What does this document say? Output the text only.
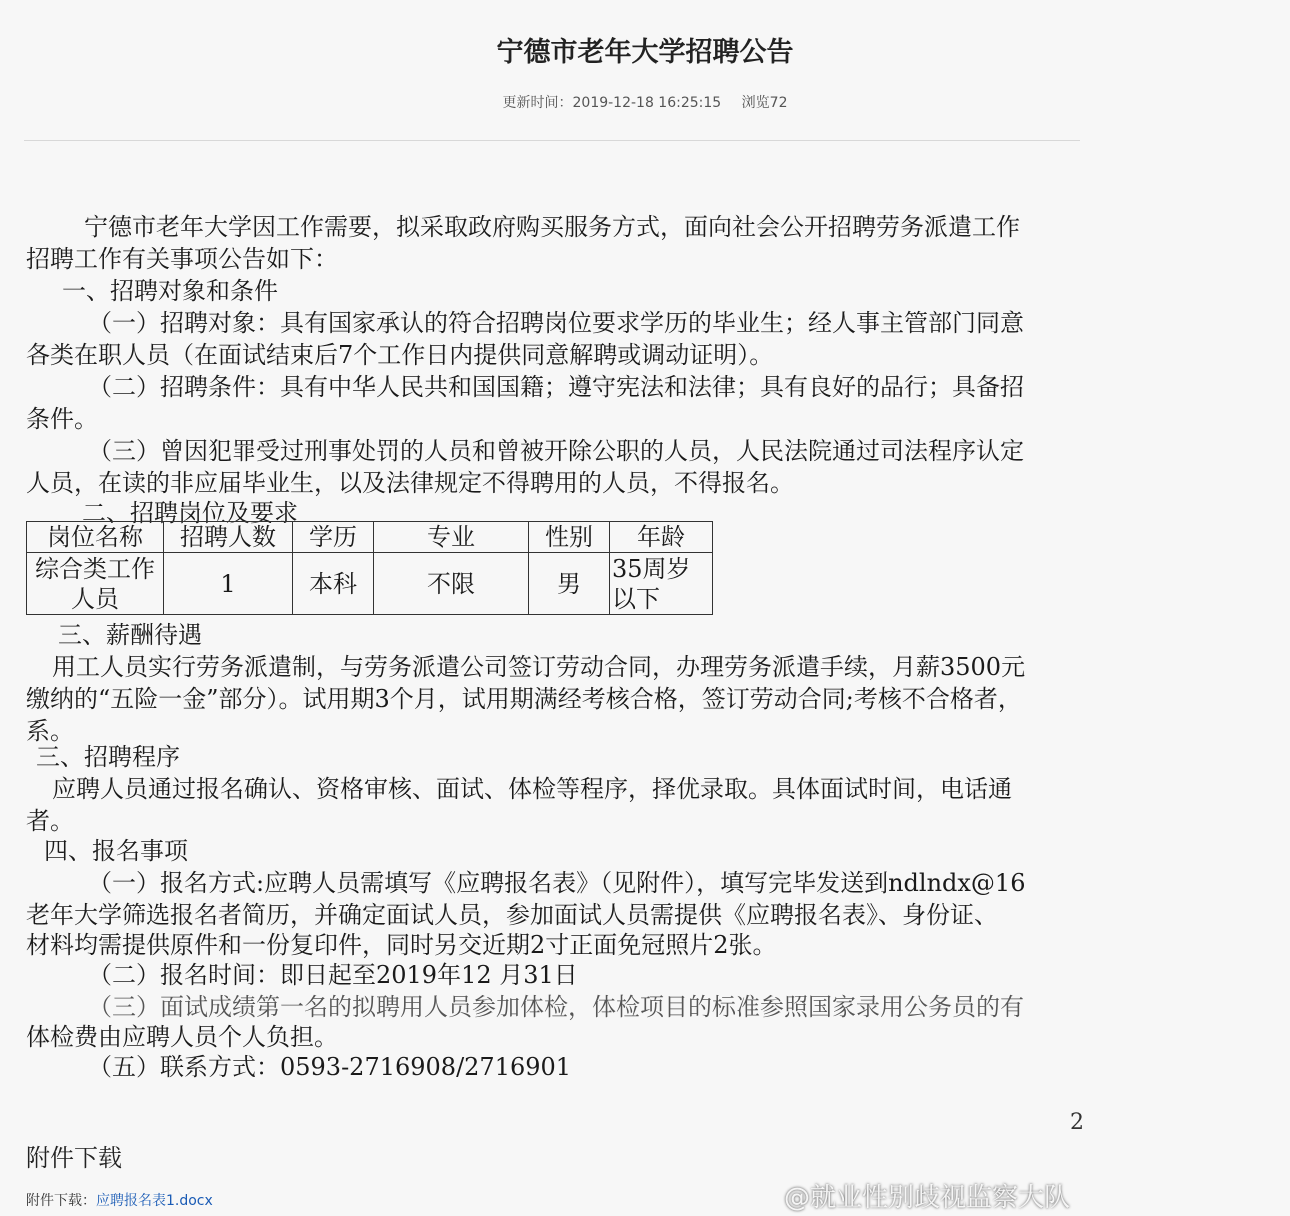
宁德市老年大学招聘公告
更新时间：2019-12-18 16:25:15 浏览72
宁德市老年大学因工作需要，拟采取政府购买服务方式，面向社会公开招聘劳务派遣工作
招聘工作有关事项公告如下：
一、招聘对象和条件
（一）招聘对象：具有国家承认的符合招聘岗位要求学历的毕业生；经人事主管部门同意
各类在职人员（在面试结束后7个工作日内提供同意解聘或调动证明）。
（二）招聘条件：具有中华人民共和国国籍；遵守宪法和法律；具有良好的品行；具备招
条件。
（三）曾因犯罪受过刑事处罚的人员和曾被开除公职的人员，人民法院通过司法程序认定
人员，在读的非应届毕业生，以及法律规定不得聘用的人员，不得报名。
二、招聘岗位及要求
岗位名称	招聘人数	学历	专业	性别	年龄
综合类工作人员	1	本科	不限	男	35周岁以下
三、薪酬待遇
用工人员实行劳务派遣制，与劳务派遣公司签订劳动合同，办理劳务派遣手续，月薪3500元
缴纳的“五险一金”部分）。试用期3个月，试用期满经考核合格，签订劳动合同;考核不合格者，
系。
三、招聘程序
应聘人员通过报名确认、资格审核、面试、体检等程序，择优录取。具体面试时间，电话通
者。
四、报名事项
（一）报名方式:应聘人员需填写《应聘报名表》（见附件），填写完毕发送到ndlndx@16
老年大学筛选报名者简历，并确定面试人员，参加面试人员需提供《应聘报名表》、身份证、
材料均需提供原件和一份复印件，同时另交近期2寸正面免冠照片2张。
（二）报名时间：即日起至2019年12 月31日
（三）面试成绩第一名的拟聘用人员参加体检，体检项目的标准参照国家录用公务员的有
体检费由应聘人员个人负担。
（五）联系方式：0593-2716908/2716901
2
附件下载
附件下载：应聘报名表1.docx	@就业性别歧视监察大队
